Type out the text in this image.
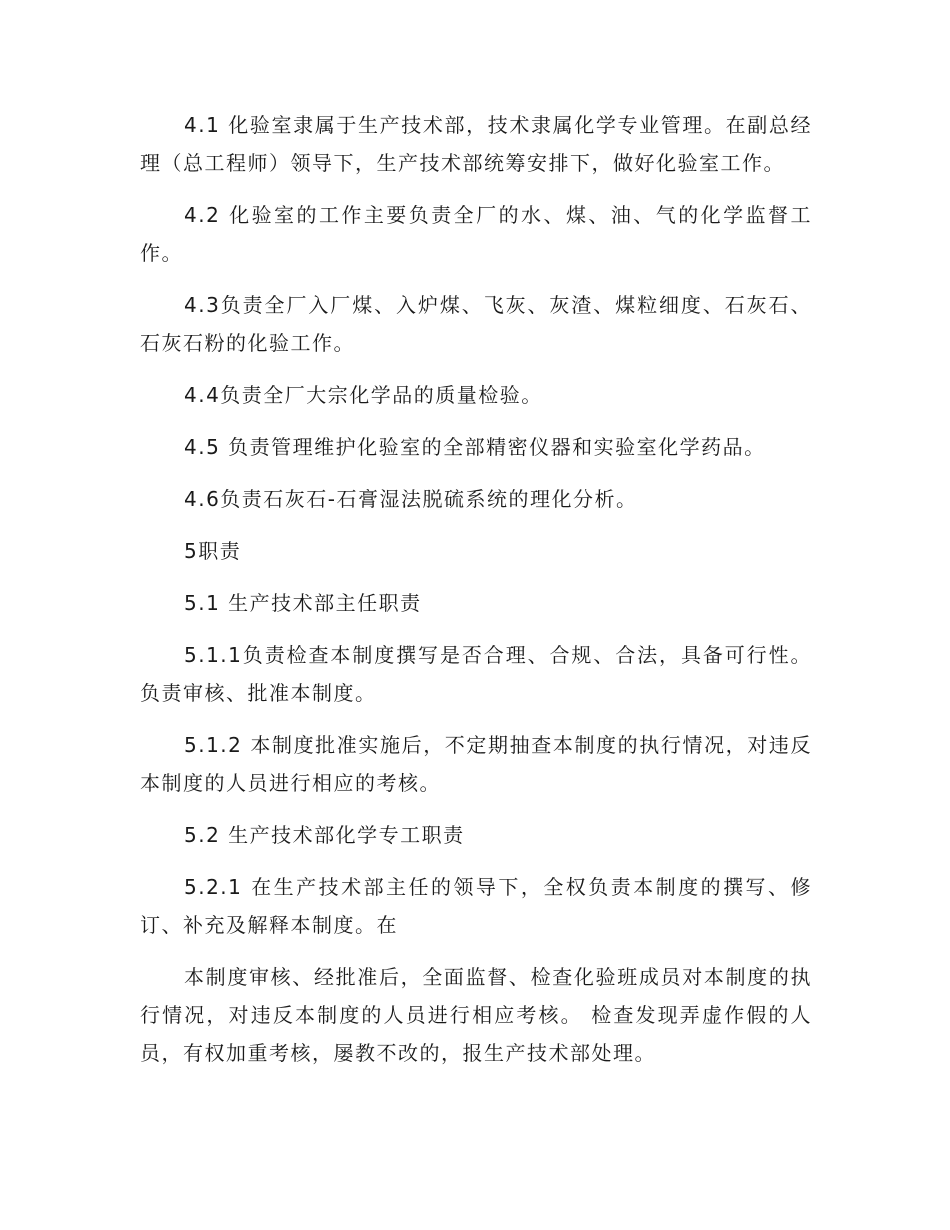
4.1 化验室隶属于生产技术部，技术隶属化学专业管理。在副总经理（总工程师）领导下，生产技术部统筹安排下，做好化验室工作。

4.2 化验室的工作主要负责全厂的水、煤、油、气的化学监督工作。

4.3负责全厂入厂煤、入炉煤、飞灰、灰渣、煤粒细度、石灰石、石灰石粉的化验工作。

4.4负责全厂大宗化学品的质量检验。

4.5 负责管理维护化验室的全部精密仪器和实验室化学药品。

4.6负责石灰石-石膏湿法脱硫系统的理化分析。

5职责

5.1 生产技术部主任职责

5.1.1负责检查本制度撰写是否合理、合规、合法，具备可行性。负责审核、批准本制度。

5.1.2 本制度批准实施后，不定期抽查本制度的执行情况，对违反本制度的人员进行相应的考核。

5.2 生产技术部化学专工职责

5.2.1 在生产技术部主任的领导下，全权负责本制度的撰写、修订、补充及解释本制度。在

本制度审核、经批准后，全面监督、检查化验班成员对本制度的执行情况，对违反本制度的人员进行相应考核。 检查发现弄虚作假的人员，有权加重考核，屡教不改的，报生产技术部处理。
